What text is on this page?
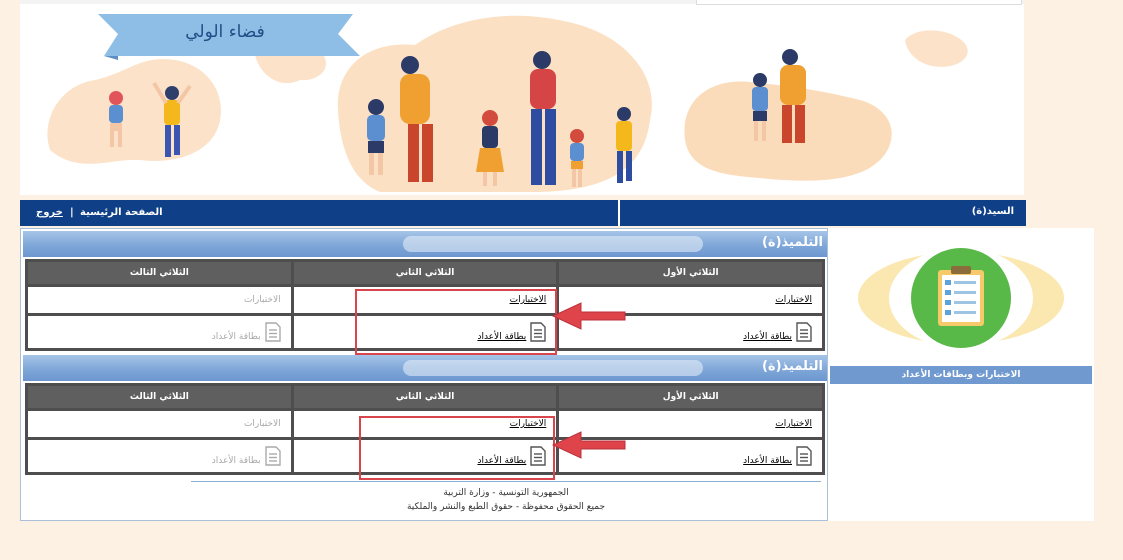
فضاء الولي
خروج | الصفحة الرئيسية	السيد(ة)
الاختبارات وبطاقات الأعداد
التلميذ(ة)
الثلاثي الثالث	الثلاثي الثاني	الثلاثي الأول
الاختبارات	الاختبارات	الاختبارات

بطاقة الأعداد	بطاقة الأعداد	بطاقة الأعداد
التلميذ(ة)
الثلاثي الثالث	الثلاثي الثاني	الثلاثي الأول
الاختبارات	الاختبارات	الاختبارات

بطاقة الأعداد	بطاقة الأعداد	بطاقة الأعداد
الجمهورية التونسية - وزارة التربية
جميع الحقوق محفوظة - حقوق الطبع والنشر والملكية
